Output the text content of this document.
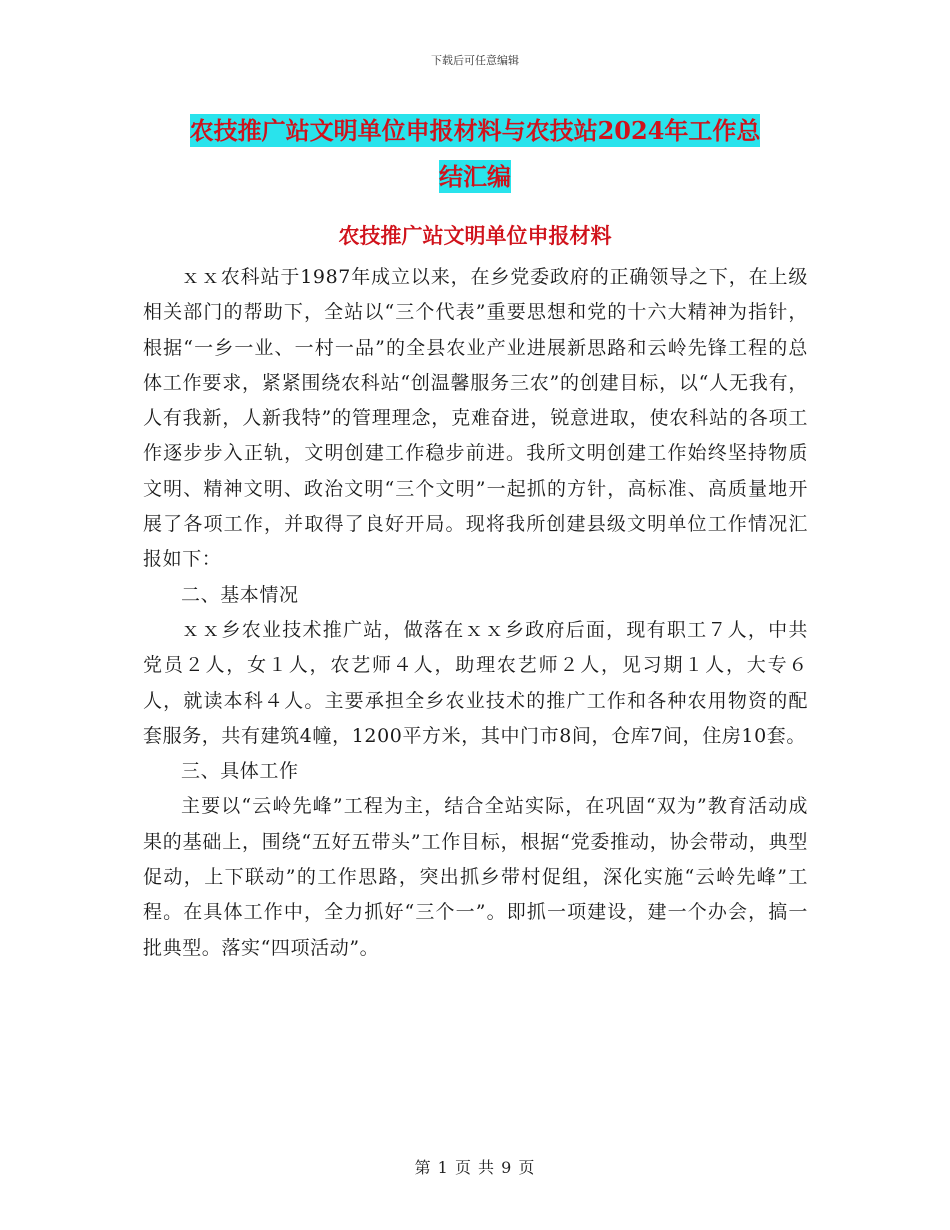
下载后可任意编辑
农技推广站文明单位申报材料与农技站2024年工作总
结汇编
农技推广站文明单位申报材料

ｘｘ农科站于1987年成立以来，在乡党委政府的正确领导之下，在上级相关部门的帮助下，全站以“三个代表”重要思想和党的十六大精神为指针，根据“一乡一业、一村一品”的全县农业产业进展新思路和云岭先锋工程的总体工作要求，紧紧围绕农科站“创温馨服务三农”的创建目标，以“人无我有，人有我新，人新我特”的管理理念，克难奋进，锐意进取，使农科站的各项工作逐步步入正轨，文明创建工作稳步前进。我所文明创建工作始终坚持物质文明、精神文明、政治文明“三个文明”一起抓的方针，高标准、高质量地开展了各项工作，并取得了良好开局。现将我所创建县级文明单位工作情况汇报如下：

二、基本情况

ｘｘ乡农业技术推广站，做落在ｘｘ乡政府后面，现有职工７人，中共党员２人，女１人，农艺师４人，助理农艺师２人，见习期１人，大专６人，就读本科４人。主要承担全乡农业技术的推广工作和各种农用物资的配套服务，共有建筑4幢，1200平方米，其中门市8间，仓库7间，住房10套。

三、具体工作

主要以“云岭先峰”工程为主，结合全站实际，在巩固“双为”教育活动成果的基础上，围绕“五好五带头”工作目标，根据“党委推动，协会带动，典型促动，上下联动”的工作思路，突出抓乡带村促组，深化实施“云岭先峰”工程。在具体工作中，全力抓好“三个一”。即抓一项建设，建一个办会，搞一批典型。落实“四项活动”。

第 1 页 共 9 页
